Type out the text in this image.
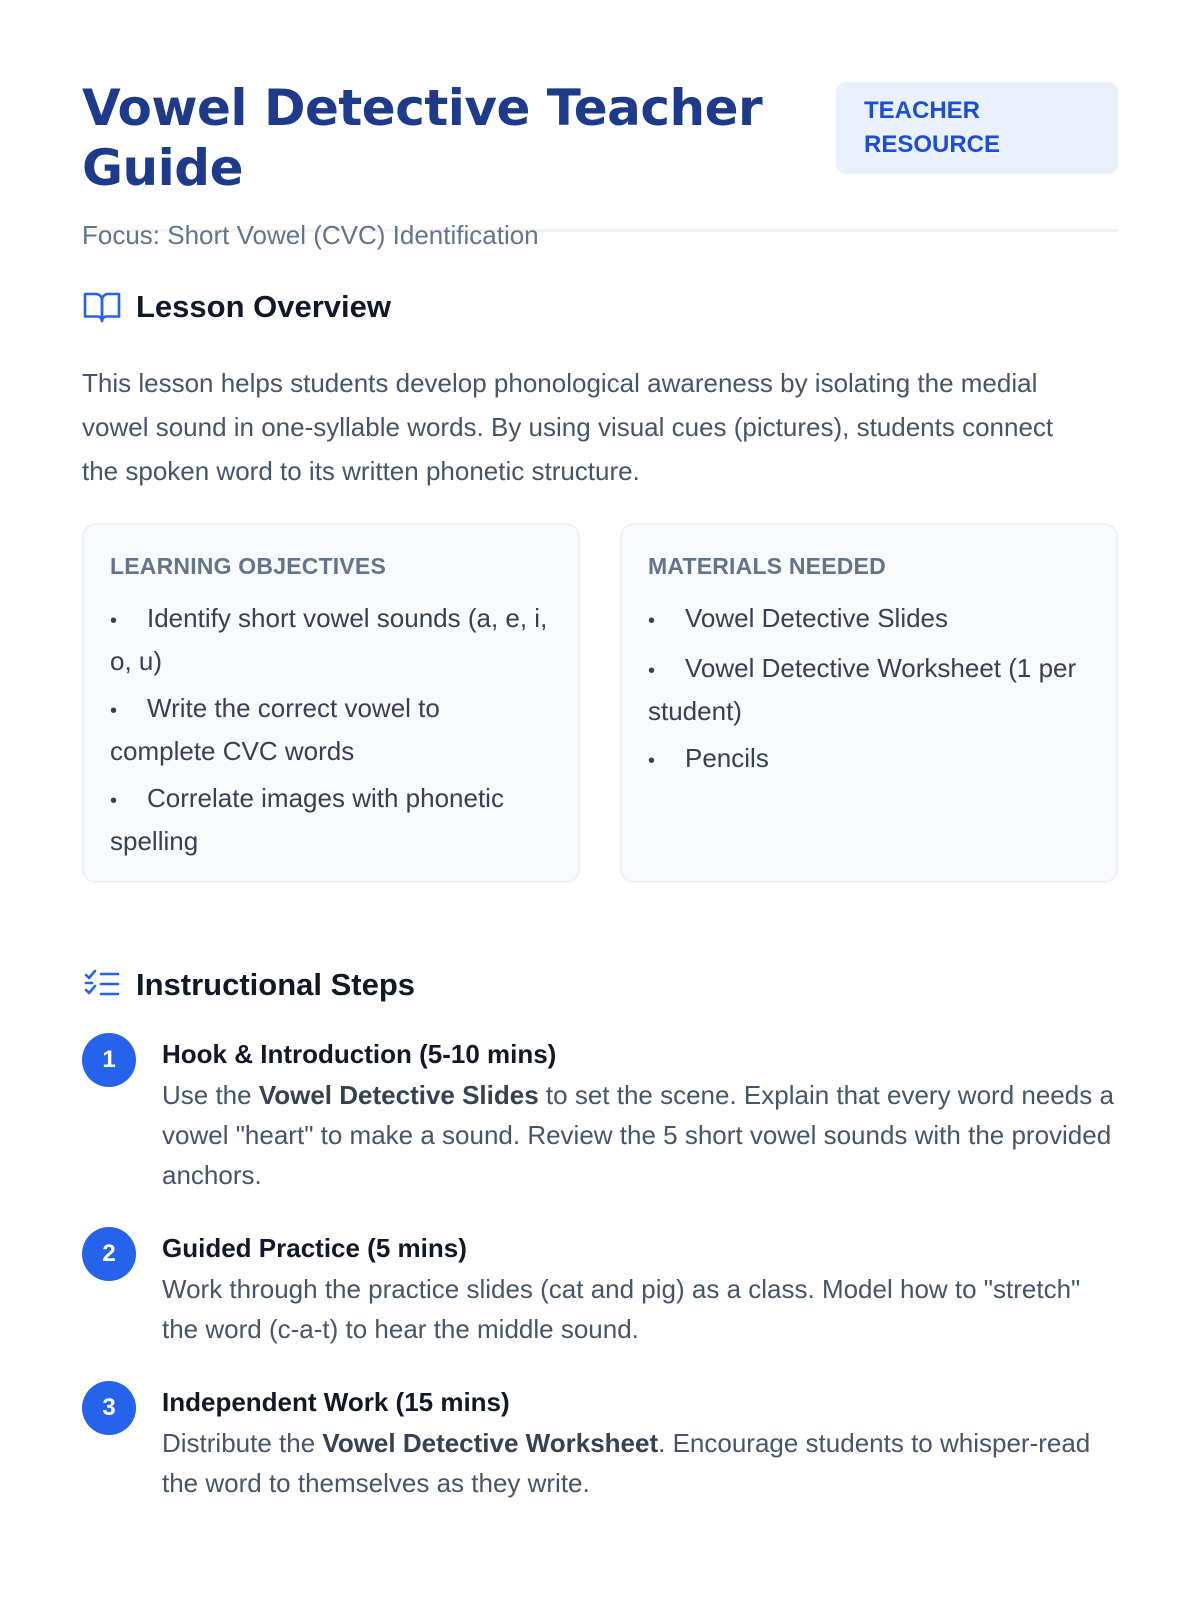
Vowel Detective Teacher Guide
Focus: Short Vowel (CVC) Identification
TEACHER RESOURCE
Lesson Overview

This lesson helps students develop phonological awareness by isolating the medial vowel sound in one-syllable words. By using visual cues (pictures), students connect the spoken word to its written phonetic structure.

LEARNING OBJECTIVES
• Identify short vowel sounds (a, e, i, o, u)
• Write the correct vowel to complete CVC words
• Correlate images with phonetic spelling
MATERIALS NEEDED
• Vowel Detective Slides
• Vowel Detective Worksheet (1 per student)
• Pencils
Instructional Steps
1	Hook & Introduction (5-10 mins)
Use the Vowel Detective Slides to set the scene. Explain that every word needs a vowel "heart" to make a sound. Review the 5 short vowel sounds with the provided anchors.
2	Guided Practice (5 mins)
Work through the practice slides (cat and pig) as a class. Model how to "stretch" the word (c-a-t) to hear the middle sound.
3	Independent Work (15 mins)
Distribute the Vowel Detective Worksheet. Encourage students to whisper-read the word to themselves as they write.
